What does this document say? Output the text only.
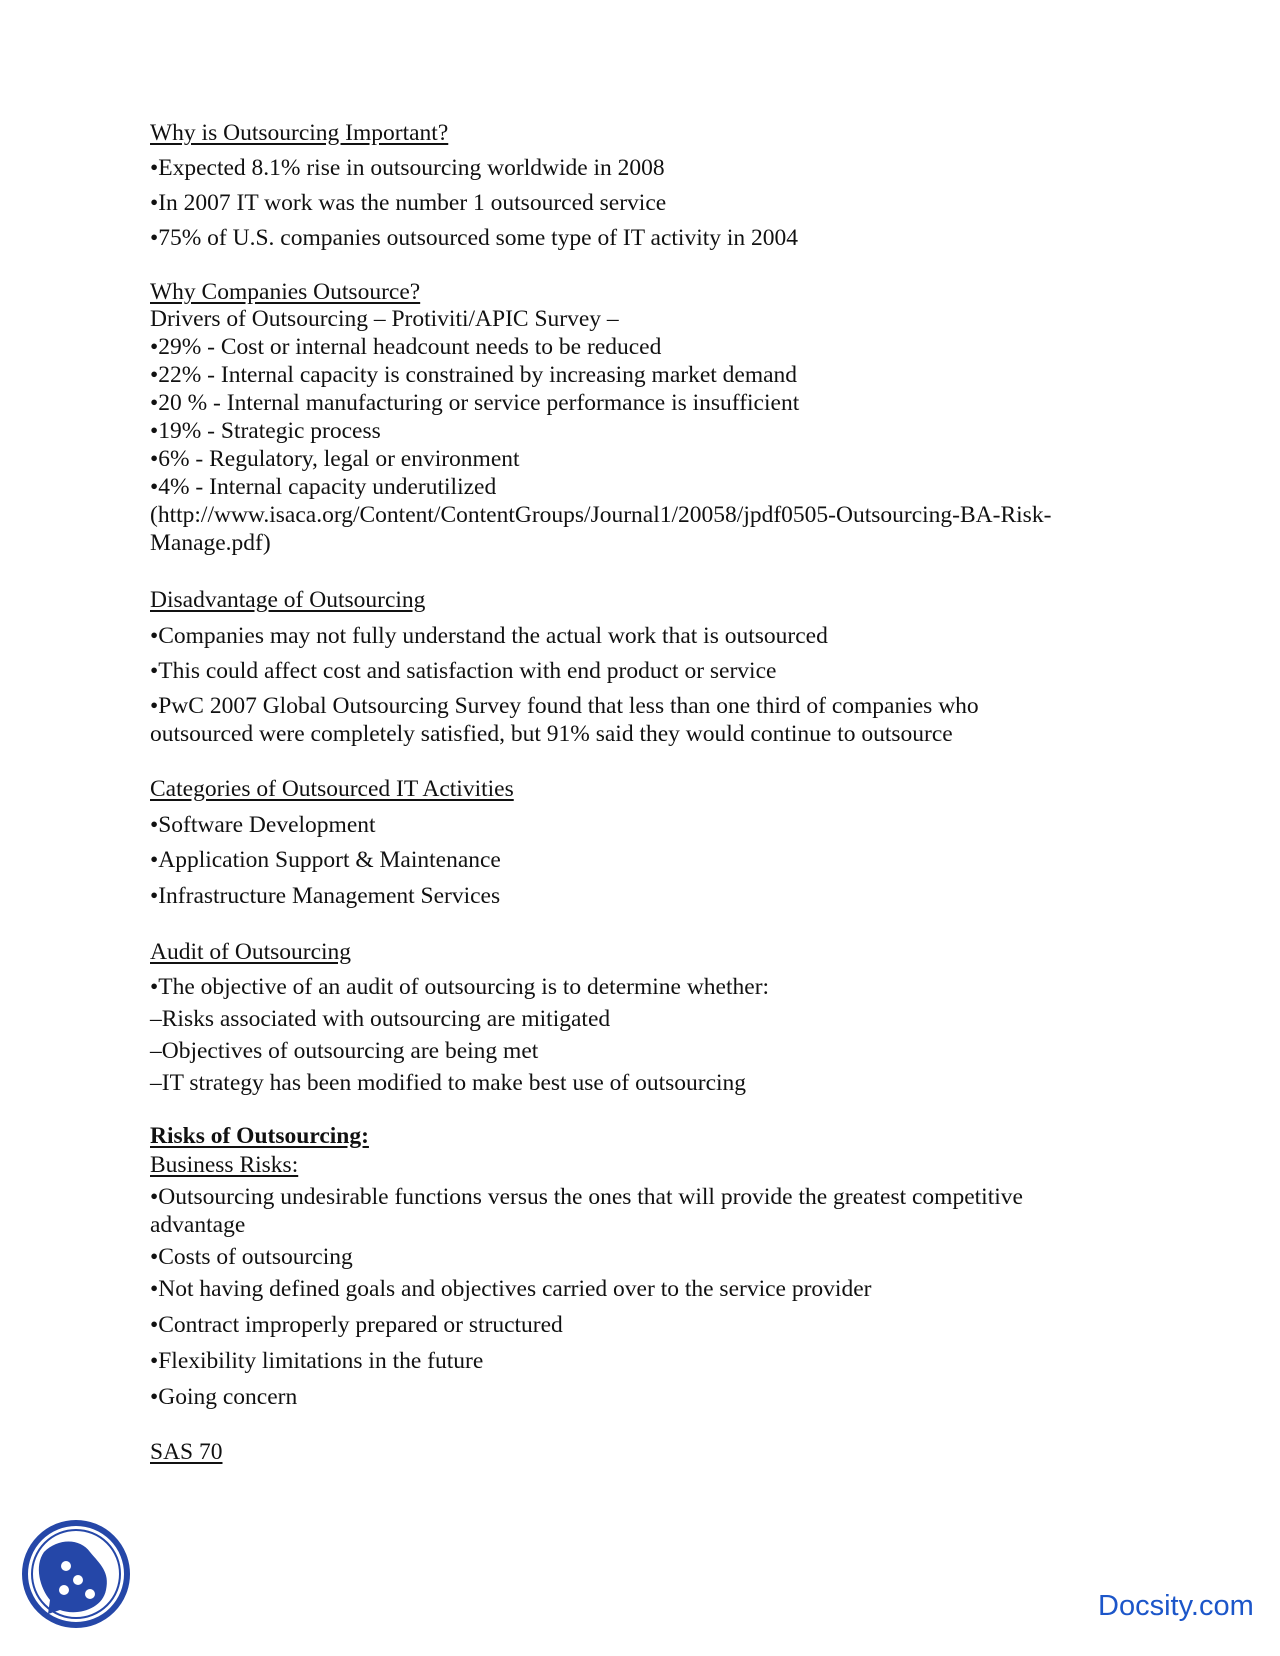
Why is Outsourcing Important?

•Expected 8.1% rise in outsourcing worldwide in 2008

•In 2007 IT work was the number 1 outsourced service

•75% of U.S. companies outsourced some type of IT activity in 2004

Why Companies Outsource?

Drivers of Outsourcing – Protiviti/APIC Survey –

•29% - Cost or internal headcount needs to be reduced

•22% - Internal capacity is constrained by increasing market demand

•20 % - Internal manufacturing or service performance is insufficient

•19% - Strategic process

•6% - Regulatory, legal or environment

•4% - Internal capacity underutilized

(http://www.isaca.org/Content/ContentGroups/Journal1/20058/jpdf0505-Outsourcing-BA-Risk-

Manage.pdf)

Disadvantage of Outsourcing

•Companies may not fully understand the actual work that is outsourced

•This could affect cost and satisfaction with end product or service

•PwC 2007 Global Outsourcing Survey found that less than one third of companies who

outsourced were completely satisfied, but 91% said they would continue to outsource

Categories of Outsourced IT Activities

•Software Development

•Application Support & Maintenance

•Infrastructure Management Services

Audit of Outsourcing

•The objective of an audit of outsourcing is to determine whether:

–Risks associated with outsourcing are mitigated

–Objectives of outsourcing are being met

–IT strategy has been modified to make best use of outsourcing

Risks of Outsourcing:

Business Risks:

•Outsourcing undesirable functions versus the ones that will provide the greatest competitive

advantage

•Costs of outsourcing

•Not having defined goals and objectives carried over to the service provider

•Contract improperly prepared or structured

•Flexibility limitations in the future

•Going concern

SAS 70

Docsity.com
